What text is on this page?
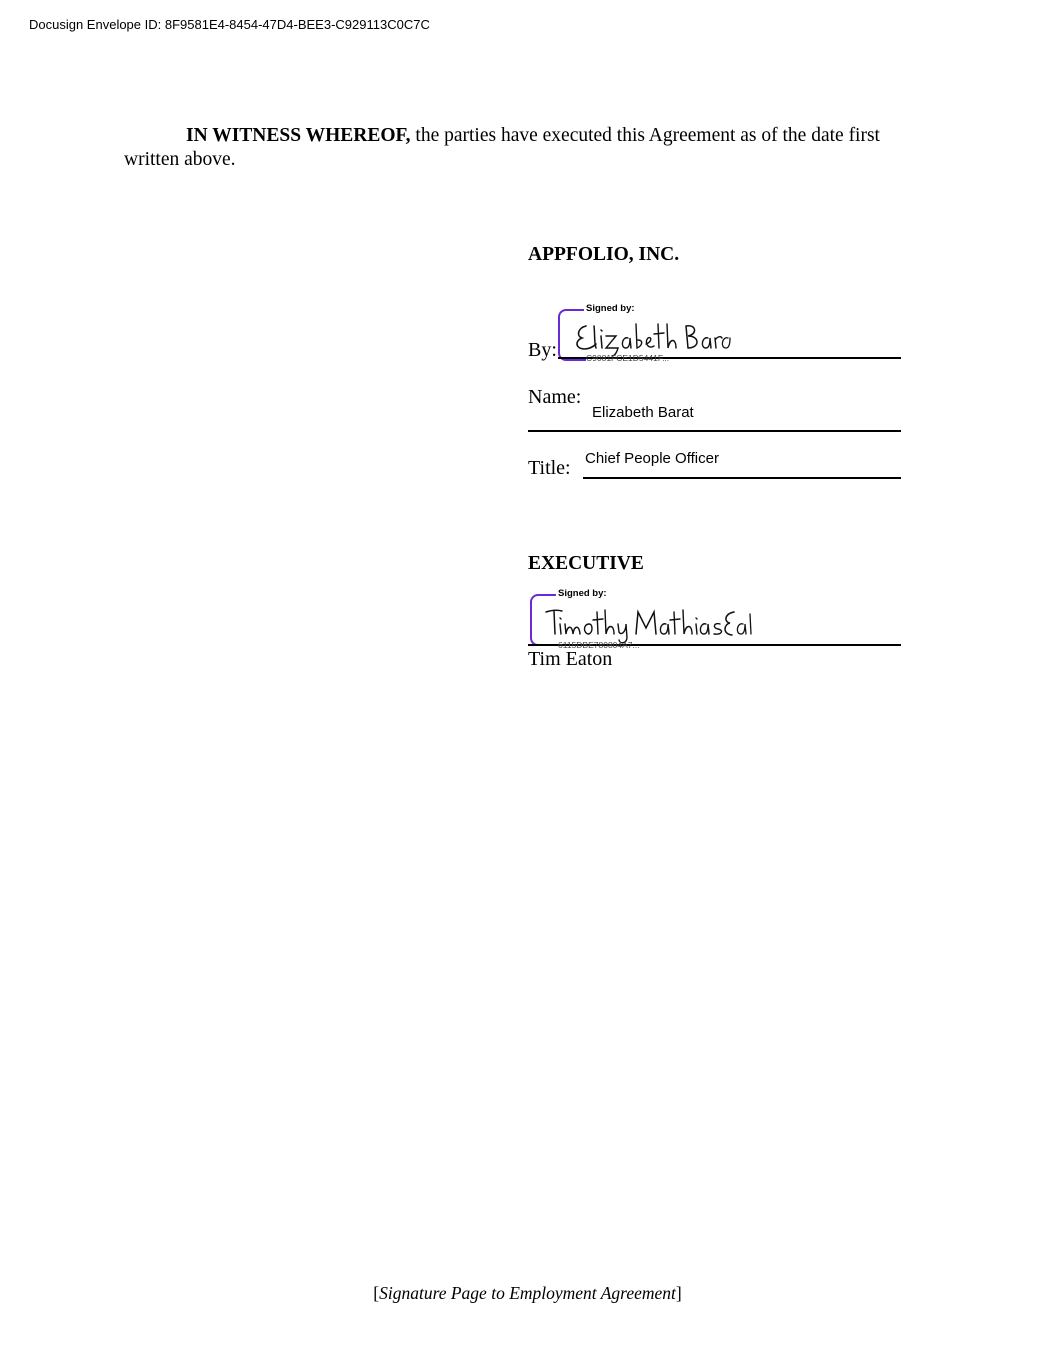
Docusign Envelope ID: 8F9581E4-8454-47D4-BEE3-C929113C0C7C
IN WITNESS WHEREOF, the parties have executed this Agreement as of the date first written above.
APPFOLIO, INC.
Signed by:
By:	C9081FCE1D5441F...
Name:
Elizabeth Barat
Chief People Officer
Title:
EXECUTIVE
Signed by:
6115DBE780804A7...
Tim Eaton
[Signature Page to Employment Agreement]
